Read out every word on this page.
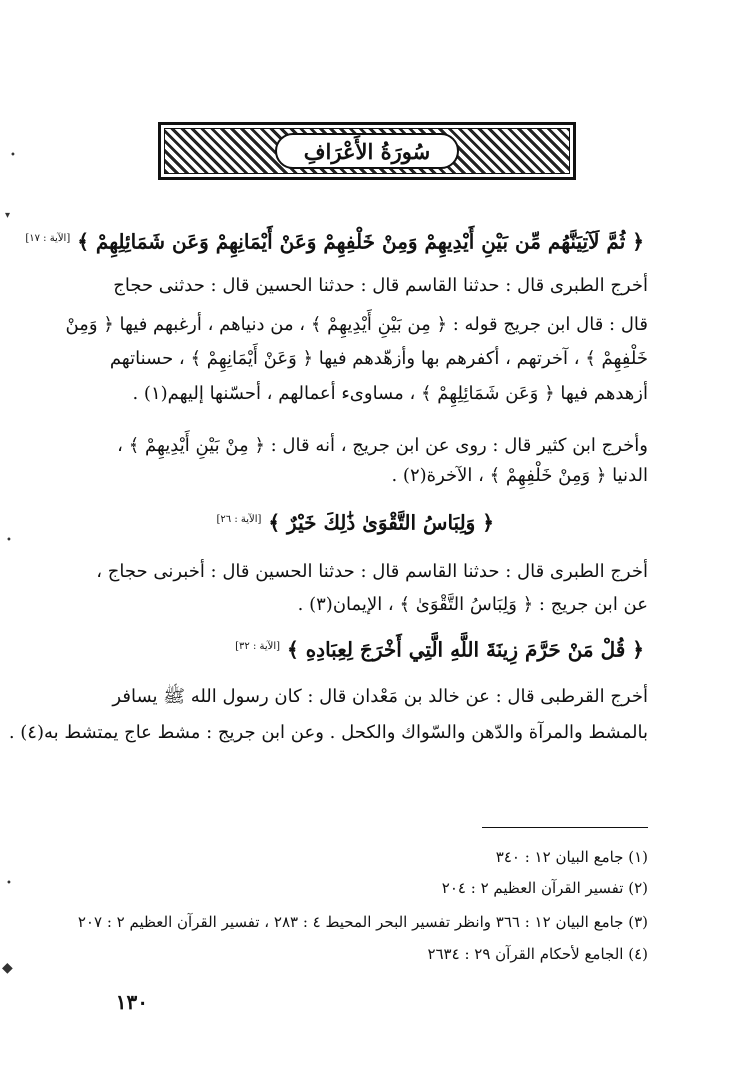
سُورَةُ الأَعْرَافِ
﴿ ثُمَّ لَآتِيَنَّهُم مِّن بَيْنِ أَيْدِيهِمْ وَمِنْ خَلْفِهِمْ وَعَنْ أَيْمَانِهِمْ وَعَن شَمَائِلِهِمْ ﴾ [الآية : ١٧]
أخرج الطبرى قال : حدثنا القاسم قال : حدثنا الحسين قال : حدثنى حجاج
قال : قال ابن جريج قوله : ﴿ مِن بَيْنِ أَيْدِيهِمْ ﴾ ، من دنياهم ، أرغبهم فيها ﴿ وَمِنْ
خَلْفِهِمْ ﴾ ، آخرتهم ، أكفرهم بها وأزهّدهم فيها ﴿ وَعَنْ أَيْمَانِهِمْ ﴾ ، حسناتهم
أزهدهم فيها ﴿ وَعَن شَمَائِلِهِمْ ﴾ ، مساوىء أعمالهم ، أحسّنها إليهم(١) .
وأخرج ابن كثير قال : روى عن ابن جريج ، أنه قال : ﴿ مِنْ بَيْنِ أَيْدِيهِمْ ﴾ ،
الدنيا ﴿ وَمِنْ خَلْفِهِمْ ﴾ ، الآخرة(٢) .
﴿ وَلِبَاسُ التَّقْوَىٰ ذَٰلِكَ خَيْرٌ ﴾ [الآية : ٢٦]
أخرج الطبرى قال : حدثنا القاسم قال : حدثنا الحسين قال : أخبرنى حجاج ،
عن ابن جريج : ﴿ وَلِبَاسُ التَّقْوَىٰ ﴾ ، الإيمان(٣) .
﴿ قُلْ مَنْ حَرَّمَ زِينَةَ اللَّهِ الَّتِي أَخْرَجَ لِعِبَادِهِ ﴾ [الآية : ٣٢]
أخرج القرطبى قال : عن خالد بن مَعْدان قال : كان رسول الله ﷺ يسافر
بالمشط والمرآة والدّهن والسّواك والكحل . وعن ابن جريج : مشط عاج يمتشط به(٤) .
(١) جامع البيان ١٢ : ٣٤٠
(٢) تفسير القرآن العظيم ٢ : ٢٠٤
(٣) جامع البيان ١٢ : ٣٦٦ وانظر تفسير البحر المحيط ٤ : ٢٨٣ ، تفسير القرآن العظيم ٢ : ٢٠٧
(٤) الجامع لأحكام القرآن ٢٩ : ٢٦٣٤
١٣٠
•
▾
•
•
◆
